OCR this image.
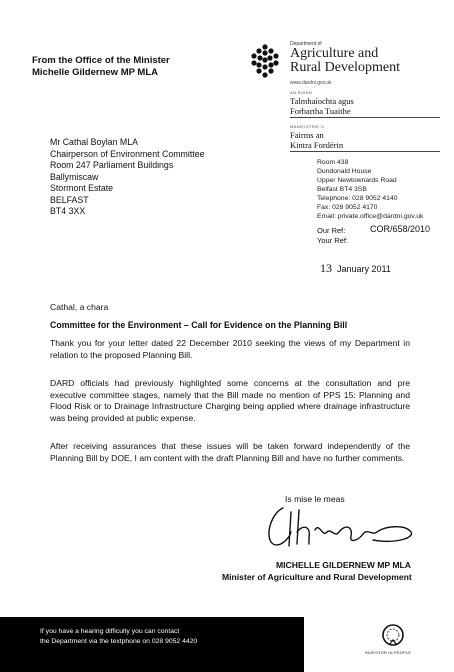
From the Office of the Minister
Michelle Gildernew MP MLA
Department of
Agriculture and
Rural Development
www.dardni.gov.uk
AN ROINN
Talmhaíochta agus
Forbartha Tuaithe
MÄNNYSTRIE O
Fairms an
Kintra Fordérin
Room 438
Dundonald House
Upper Newtownards Road
Belfast BT4 3SB
Telephone: 028 9052 4140
Fax: 028 9052 4170
Email: private.office@dardni.gov.uk
Our Ref:
Your Ref:
COR/658/2010
13 January 2011
Mr Cathal Boylan MLA
Chairperson of Environment Committee
Room 247 Parliament Buildings
Ballymiscaw
Stormont Estate
BELFAST
BT4 3XX
Cathal, a chara
Committee for the Environment – Call for Evidence on the Planning Bill
Thank you for your letter dated 22 December 2010 seeking the views of my Department in relation to the proposed Planning Bill.
DARD officials had previously highlighted some concerns at the consultation and pre executive committee stages, namely that the Bill made no mention of PPS 15: Planning and Flood Risk or to Drainage Infrastructure Charging being applied where drainage infrastructure was being provided at public expense.
After receiving assurances that these issues will be taken forward independently of the Planning Bill by DOE, I am content with the draft Planning Bill and have no further comments.
Is mise le meas
MICHELLE GILDERNEW MP MLA
Minister of Agriculture and Rural Development
If you have a hearing difficulty you can contact
the Department via the textphone on 028 9052 4420
INVESTOR IN PEOPLE
